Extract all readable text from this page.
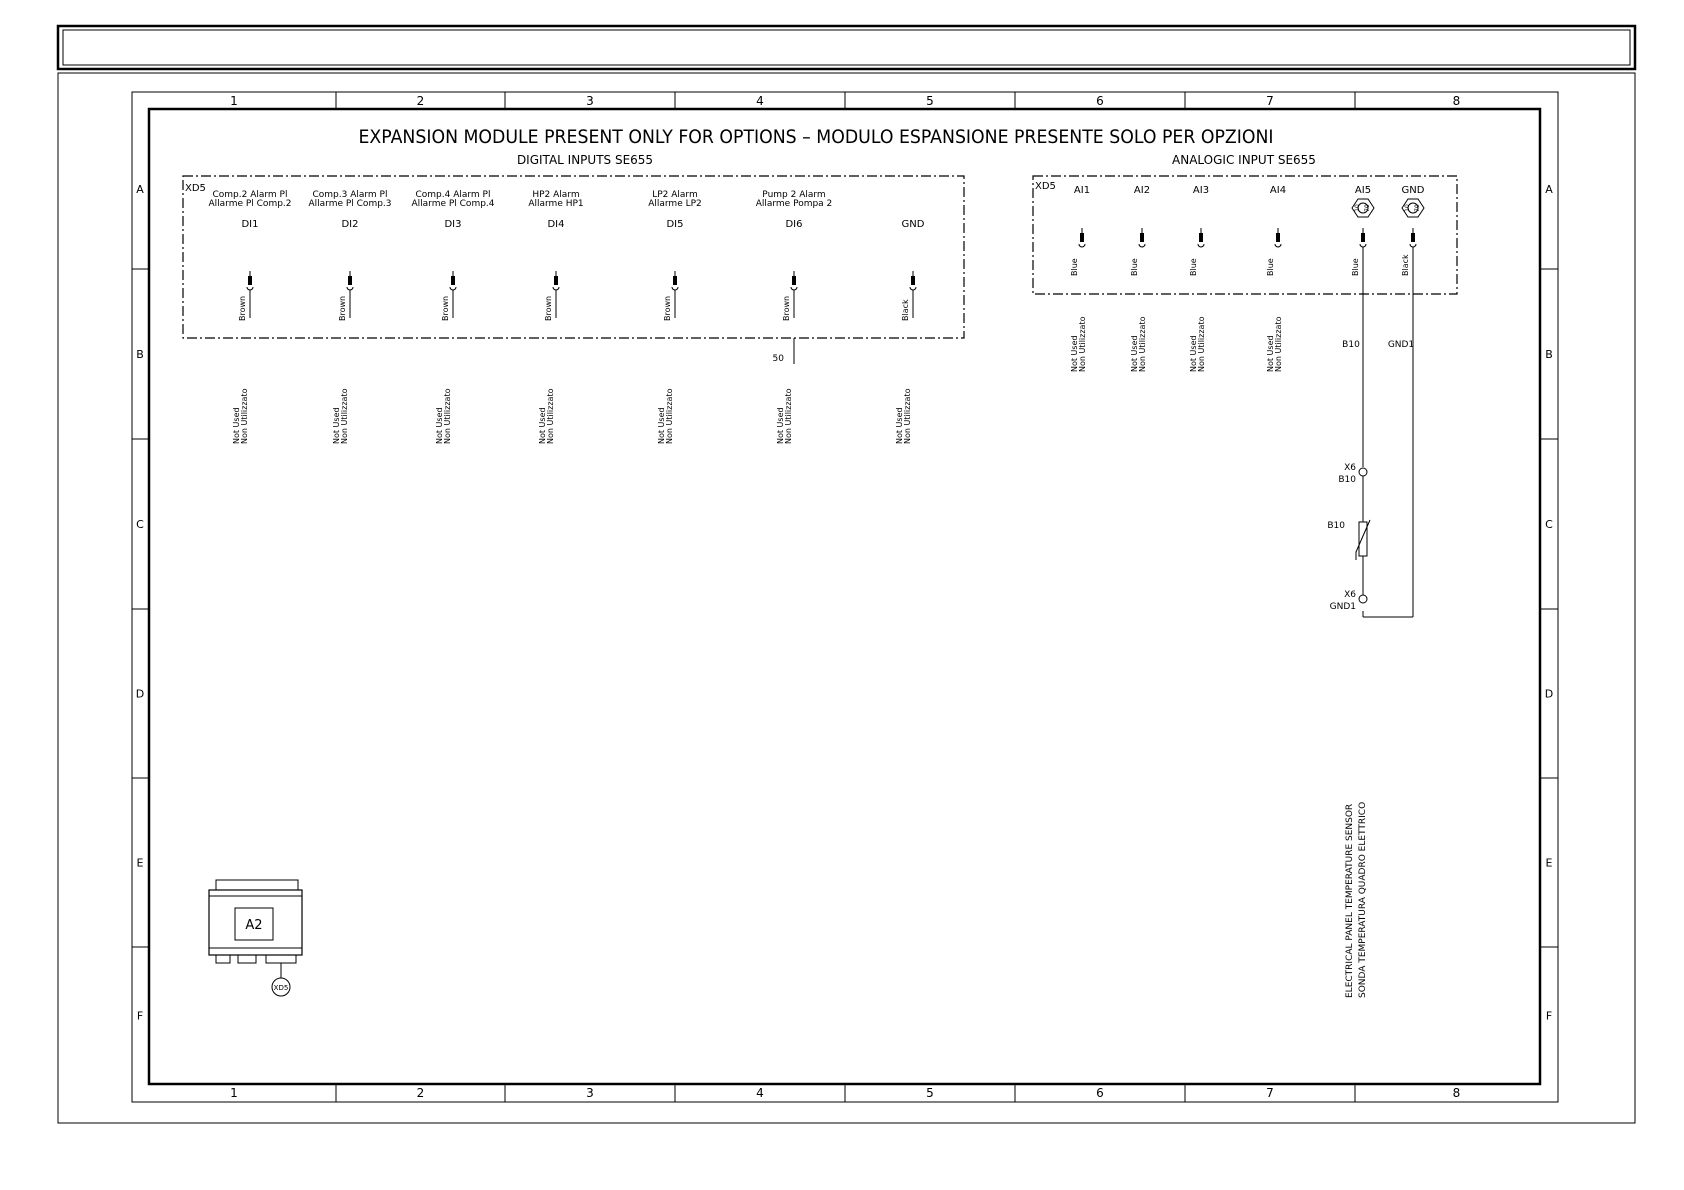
1
1
2
2
3
3
4
4
5
5
6
6
7
7
8
8
A	A
B	B
C	C
D	D
E	E
F	F
EXPANSION MODULE PRESENT ONLY FOR OPTIONS – MODULO ESPANSIONE PRESENTE SOLO PER OPZIONI
DIGITAL INPUTS SE655
XD5
Comp.2 Alarm Pl
Allarme Pl Comp.2
DI1
Brown
Not Used Non Utilizzato
Comp.3 Alarm Pl
Allarme Pl Comp.3
DI2
Brown
Not Used Non Utilizzato
Comp.4 Alarm Pl
Allarme Pl Comp.4
DI3
Brown
Not Used Non Utilizzato
HP2 Alarm
Allarme HP1
DI4
Brown
Not Used Non Utilizzato
LP2 Alarm
Allarme LP2
DI5
Brown
Not Used Non Utilizzato
Pump 2 Alarm
Allarme Pompa 2
DI6
Brown
Not Used Non Utilizzato
GND
Black
Not Used Non Utilizzato
50
ANALOGIC INPUT SE655
XD5 AI1
Blue
Not Used Non Utilizzato
AI2
Blue
Not Used Non Utilizzato
AI3
Blue
Not Used Non Utilizzato
AI4
Blue
Not Used Non Utilizzato
AI5
10 70
Blue
GND
10 70
Black
B10	GND1
X6
B10
B10
X6
GND1
ELECTRICAL PANEL TEMPERATURE SENSOR SONDA TEMPERATURA QUADRO ELETTRICO
A2
XD5
